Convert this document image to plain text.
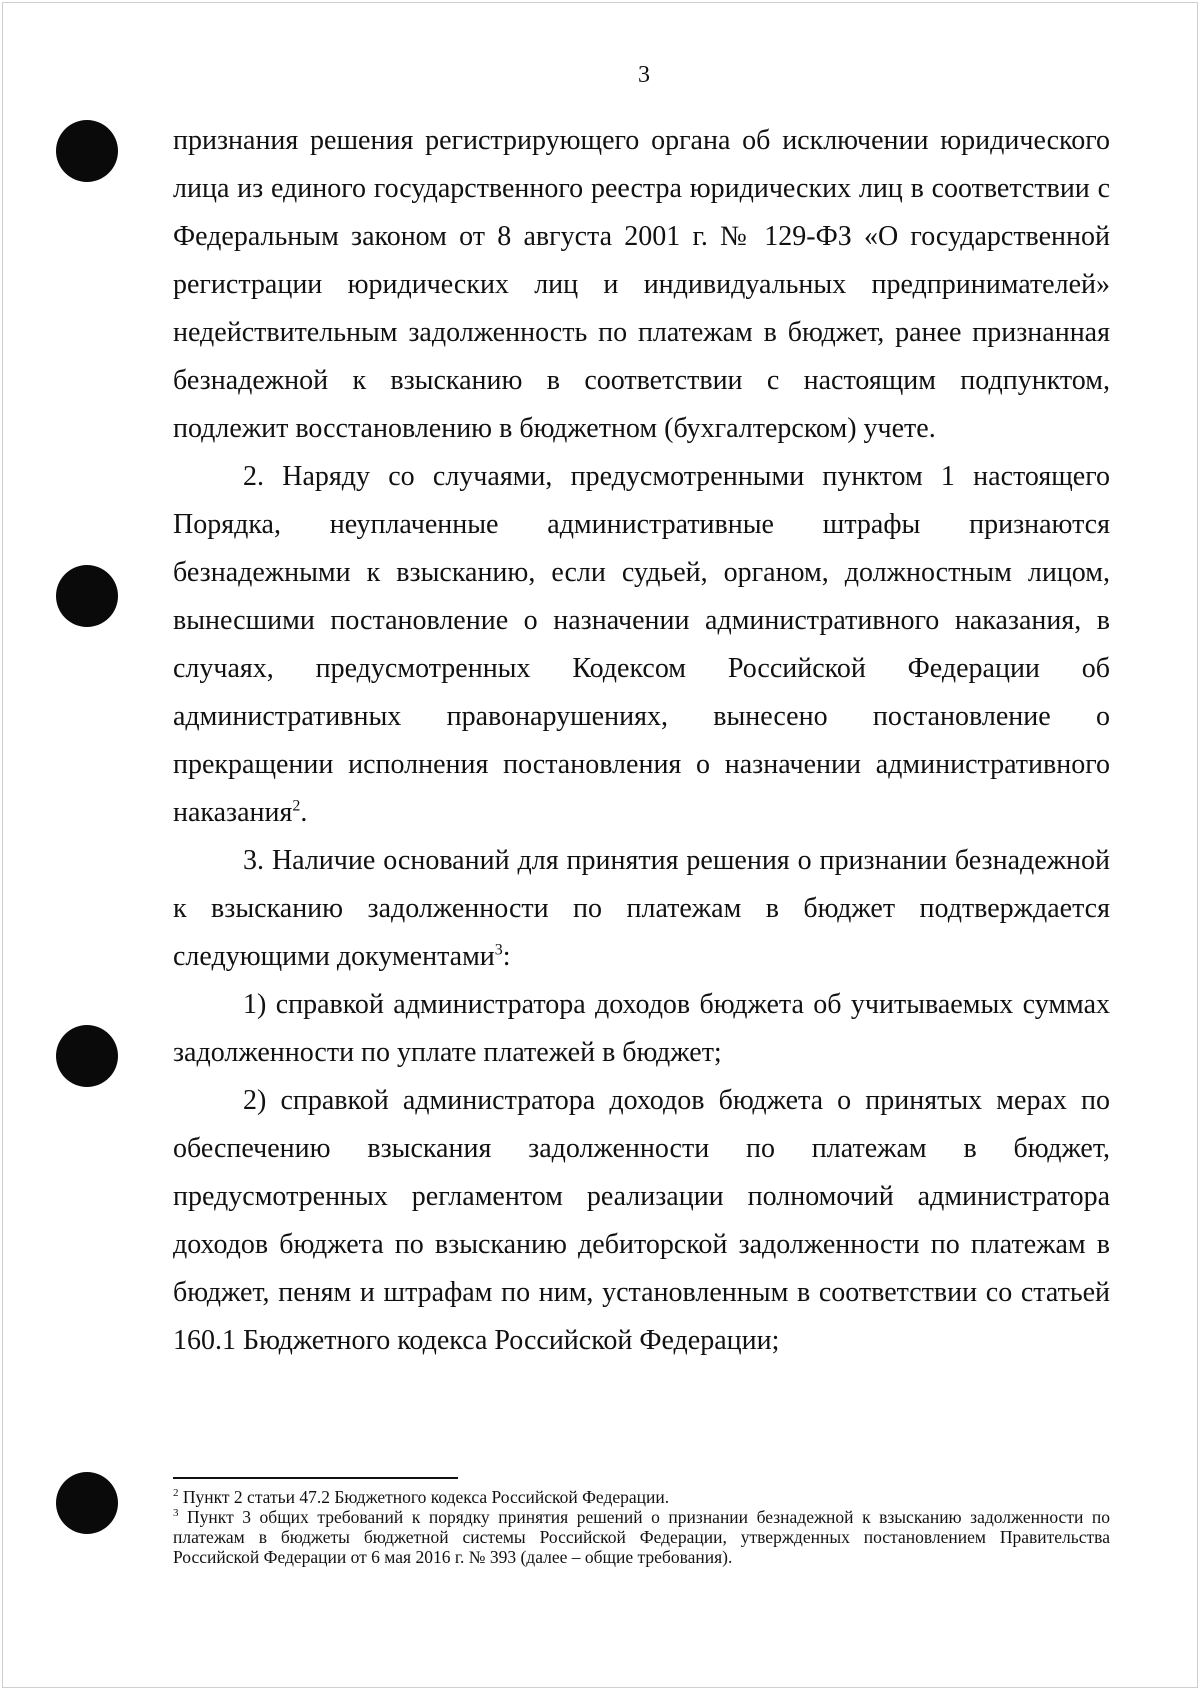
3

признания решения регистрирующего органа об исключении юридического лица из единого государственного реестра юридических лиц в соответствии с Федеральным законом от 8 августа 2001 г. № 129-ФЗ «О государственной регистрации юридических лиц и индивидуальных предпринимателей» недействительным задолженность по платежам в бюджет, ранее признанная безнадежной к взысканию в соответствии с настоящим подпунктом, подлежит восстановлению в бюджетном (бухгалтерском) учете.

2. Наряду со случаями, предусмотренными пунктом 1 настоящего Порядка, неуплаченные административные штрафы признаются безнадежными к взысканию, если судьей, органом, должностным лицом, вынесшими постановление о назначении административного наказания, в случаях, предусмотренных Кодексом Российской Федерации об административных правонарушениях, вынесено постановление о прекращении исполнения постановления о назначении административного наказания$^2$.

3. Наличие оснований для принятия решения о признании безнадежной к взысканию задолженности по платежам в бюджет подтверждается следующими документами$^3$:

1) справкой администратора доходов бюджета об учитываемых суммах задолженности по уплате платежей в бюджет;

2) справкой администратора доходов бюджета о принятых мерах по обеспечению взыскания задолженности по платежам в бюджет, предусмотренных регламентом реализации полномочий администратора доходов бюджета по взысканию дебиторской задолженности по платежам в бюджет, пеням и штрафам по ним, установленным в соответствии со статьей 160.1 Бюджетного кодекса Российской Федерации;

$^2$ Пункт 2 статьи 47.2 Бюджетного кодекса Российской Федерации.

$^3$ Пункт 3 общих требований к порядку принятия решений о признании безнадежной к взысканию задолженности по платежам в бюджеты бюджетной системы Российской Федерации, утвержденных постановлением Правительства Российской Федерации от 6 мая 2016 г. № 393 (далее – общие требования).
